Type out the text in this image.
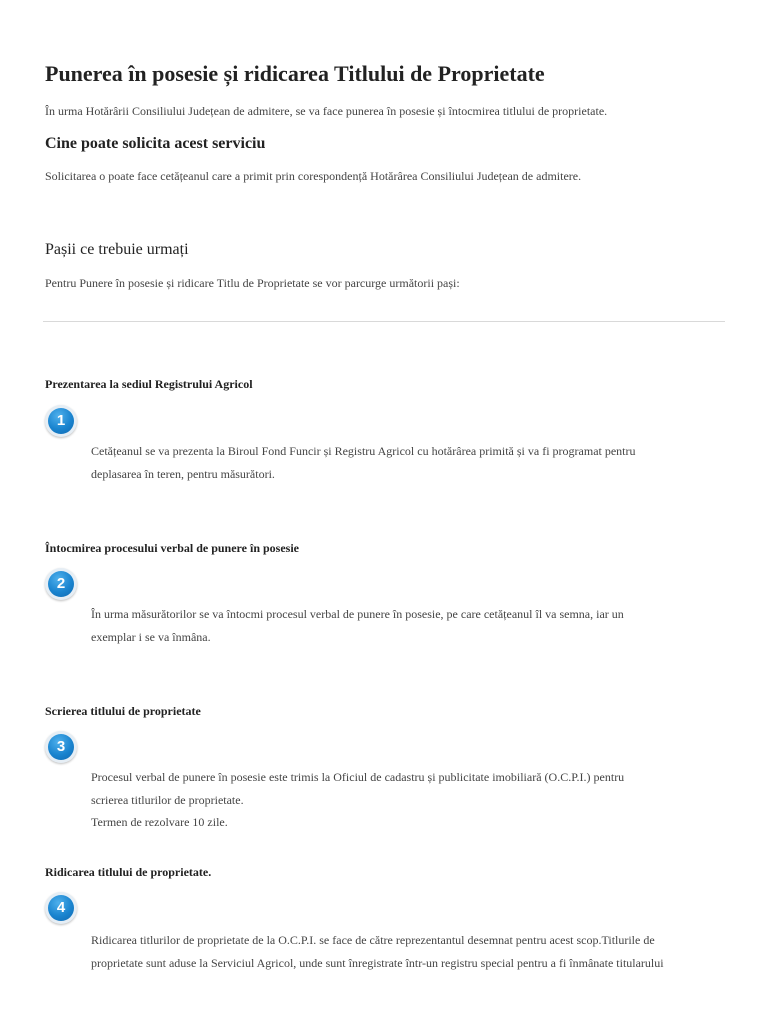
Punerea în posesie și ridicarea Titlului de Proprietate

În urma Hotărârii Consiliului Județean de admitere, se va face punerea în posesie și întocmirea titlului de proprietate.

Cine poate solicita acest serviciu

Solicitarea o poate face cetățeanul care a primit prin corespondență Hotărârea Consiliului Județean de admitere.

Pașii ce trebuie urmați

Pentru Punere în posesie și ridicare Titlu de Proprietate se vor parcurge următorii pași:

Prezentarea la sediul Registrului Agricol
1
Cetățeanul se va prezenta la Biroul Fond Funcir și Registru Agricol cu hotărârea primită și va fi programat pentru
deplasarea în teren, pentru măsurători.
Întocmirea procesului verbal de punere în posesie
2
În urma măsurătorilor se va întocmi procesul verbal de punere în posesie, pe care cetățeanul îl va semna, iar un
exemplar i se va înmâna.
Scrierea titlului de proprietate
3
Procesul verbal de punere în posesie este trimis la Oficiul de cadastru și publicitate imobiliară (O.C.P.I.) pentru
scrierea titlurilor de proprietate.
Termen de rezolvare 10 zile.
Ridicarea titlului de proprietate.
4
Ridicarea titlurilor de proprietate de la O.C.P.I. se face de către reprezentantul desemnat pentru acest scop.Titlurile de
proprietate sunt aduse la Serviciul Agricol, unde sunt înregistrate într-un registru special pentru a fi înmânate titularului
